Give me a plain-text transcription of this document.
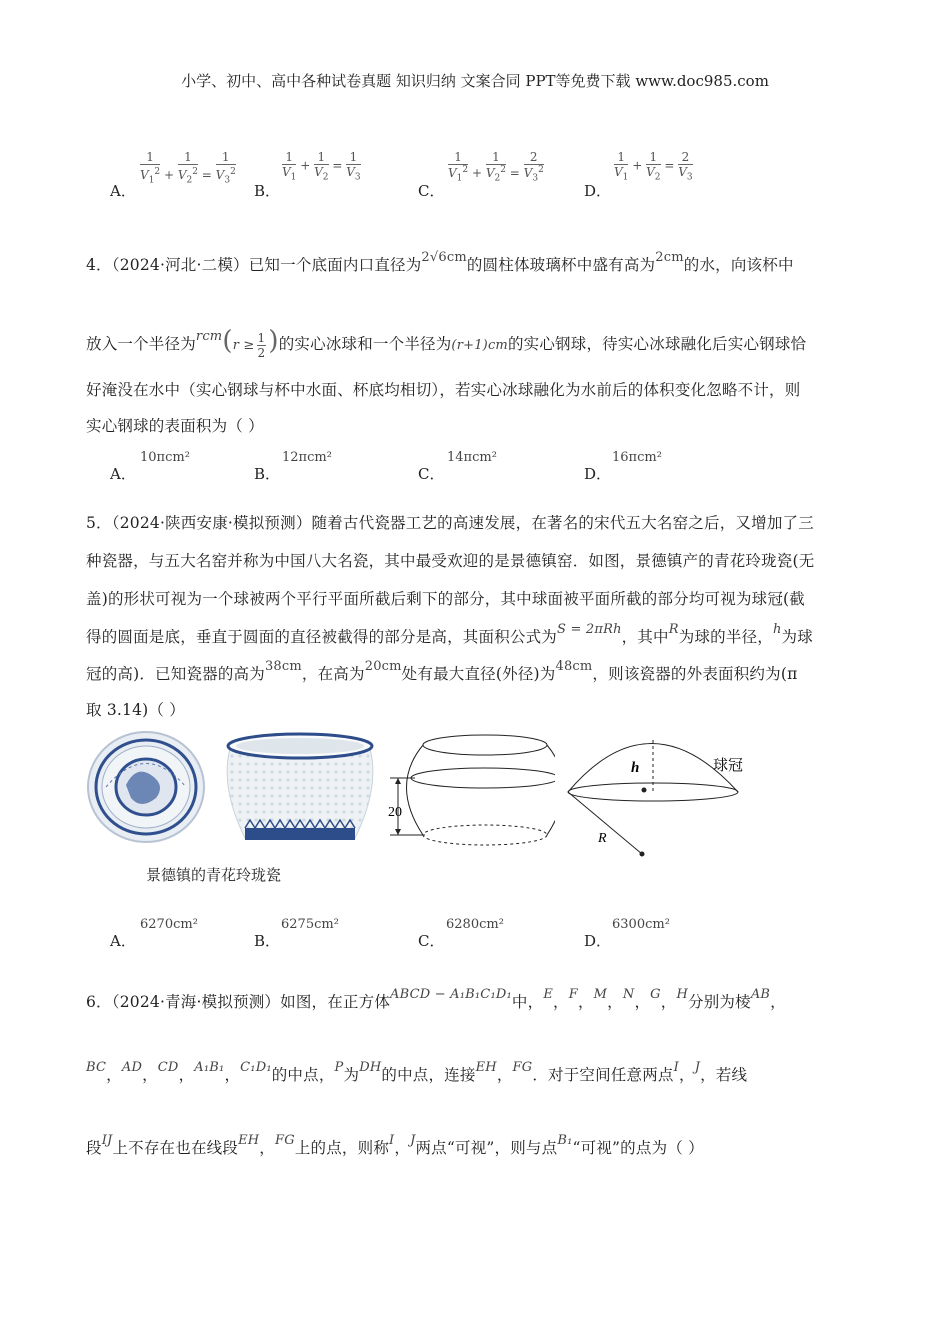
小学、初中、高中各种试卷真题 知识归纳 文案合同 PPT等免费下载 www.doc985.com
A．
1
$V_1^2$ +
1
$V_2^2$ =
1
$V_3^2$
B．
1
$V_1$ +
1
$V_2$ =
1
$V_3$
C．
1
$V_1^2$ +
1
$V_2^2$ =
2
$V_3^2$
D．
1
$V_1$ +
1
$V_2$ =
2
$V_3$
4．（2024·河北·二模）已知一个底面内口直径为$^{2√6cm}$的圆柱体玻璃杯中盛有高为$^{2cm}$的水，向该杯中
放入一个半径为$^{rcm}(r \ge \frac{1}{2}$ )的实心冰球和一个半径为(r+1)cm的实心钢球，待实心冰球融化后实心钢球恰
好淹没在水中（实心钢球与杯中水面、杯底均相切），若实心冰球融化为水前后的体积变化忽略不计，则
实心钢球的表面积为（ ）
A．
10πcm²
B．
12πcm²
C．
14πcm²
D．
16πcm²
5．（2024·陕西安康·模拟预测）随着古代瓷器工艺的高速发展，在著名的宋代五大名窑之后，又增加了三
种瓷器，与五大名窑并称为中国八大名瓷，其中最受欢迎的是景德镇窑．如图，景德镇产的青花玲珑瓷(无
盖)的形状可视为一个球被两个平行平面所截后剩下的部分，其中球面被平面所截的部分均可视为球冠(截
得的圆面是底，垂直于圆面的直径被截得的部分是高，其面积公式为$^{S = 2\pi Rh}$，其中$^R$为球的半径，$^h$为球
冠的高)．已知瓷器的高为$^{38cm}$，在高为$^{20cm}$处有最大直径(外径)为$^{48cm}$，则该瓷器的外表面积约为(π
取 3.14)（ ）
20
h
R
球冠
景德镇的青花玲珑瓷
A．
6270cm²
B．
6275cm²
C．
6280cm²
D．
6300cm²
6．（2024·青海·模拟预测）如图，在正方体$^{ABCD - A_1B_1C_1D_1}$中，$^E$，$^F$，$^M$，$^N$，$^G$，$^H$分别为棱$^{AB}$，
$^{BC}$，$^{AD}$，$^{CD}$，$^{A_1B_1}$，$^{C_1D_1}$的中点，$^P$为$^{DH}$的中点，连接$^{EH}$，$^{FG}$．对于空间任意两点$^I$，$^J$，若线
段$^{IJ}$上不存在也在线段$^{EH}$，$^{FG}$上的点，则称$^I$，$^J$两点“可视”，则与点$^{B_1}$“可视”的点为（ ）
